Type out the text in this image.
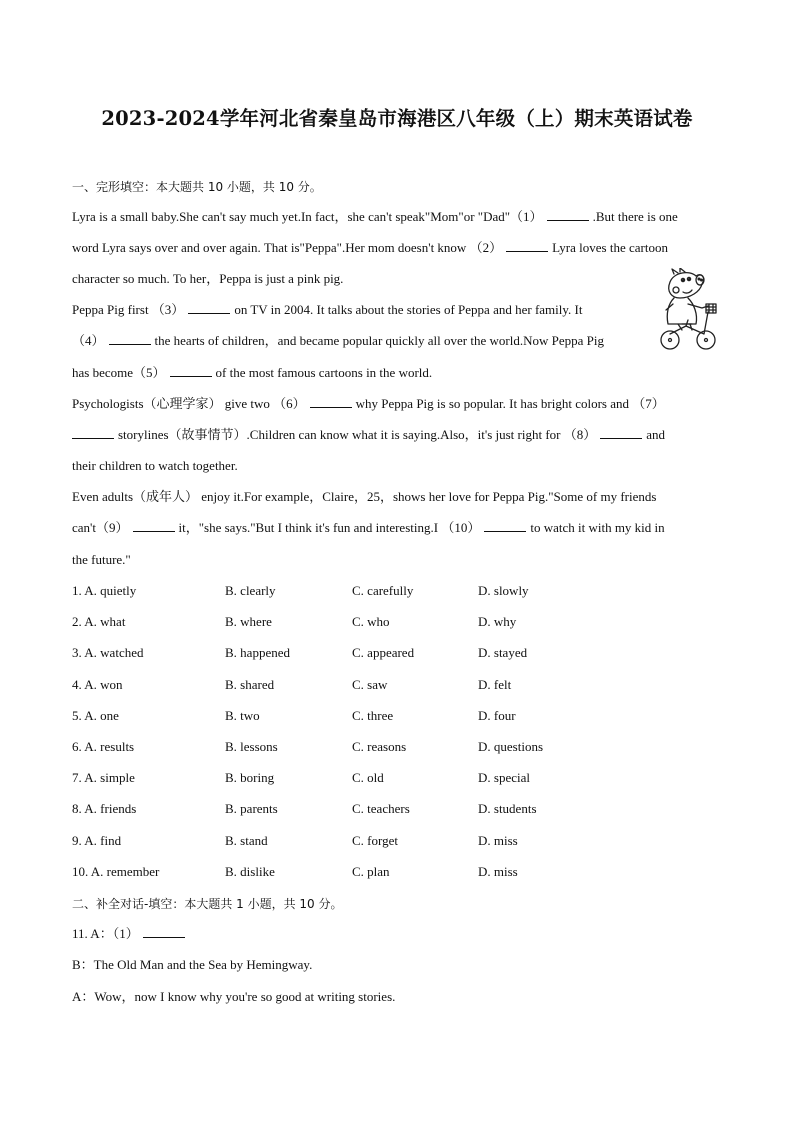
2023-2024学年河北省秦皇岛市海港区八年级（上）期末英语试卷
一、完形填空：本大题共 10 小题，共 10 分。
Lyra is a small baby.She can't say much yet.In fact，she can't speak"Mom"or "Dad"（1）	.But there is one
word Lyra says over and over again. That is"Peppa".Her mom doesn't know （2）	Lyra loves the cartoon
character so much. To her，Peppa is just a pink pig.
Peppa Pig first （3）	on TV in 2004. It talks about the stories of Peppa and her family. It
（4）	the hearts of children，and became popular quickly all over the world.Now Peppa Pig
has become（5）	of the most famous cartoons in the world.
Psychologists（心理学家） give two （6）	why Peppa Pig is so popular. It has bright colors and （7）
storylines（故事情节）.Children can know what it is saying.Also，it's just right for （8）	and
their children to watch together.
Even adults（成年人） enjoy it.For example，Claire，25，shows her love for Peppa Pig."Some of my friends
can't（9）	it，"she says."But I think it's fun and interesting.I （10）	to watch it with my kid in
the future."
1. A. quietly	B. clearly	C. carefully	D. slowly
2. A. what	B. where	C. who	D. why
3. A. watched	B. happened	C. appeared	D. stayed
4. A. won	B. shared	C. saw	D. felt
5. A. one	B. two	C. three	D. four
6. A. results	B. lessons	C. reasons	D. questions
7. A. simple	B. boring	C. old	D. special
8. A. friends	B. parents	C. teachers	D. students
9. A. find	B. stand	C. forget	D. miss
10. A. remember	B. dislike	C. plan	D. miss
二、补全对话-填空：本大题共 1 小题，共 10 分。
11. A：（1）
B：The Old Man and the Sea by Hemingway.
A：Wow，now I know why you're so good at writing stories.
